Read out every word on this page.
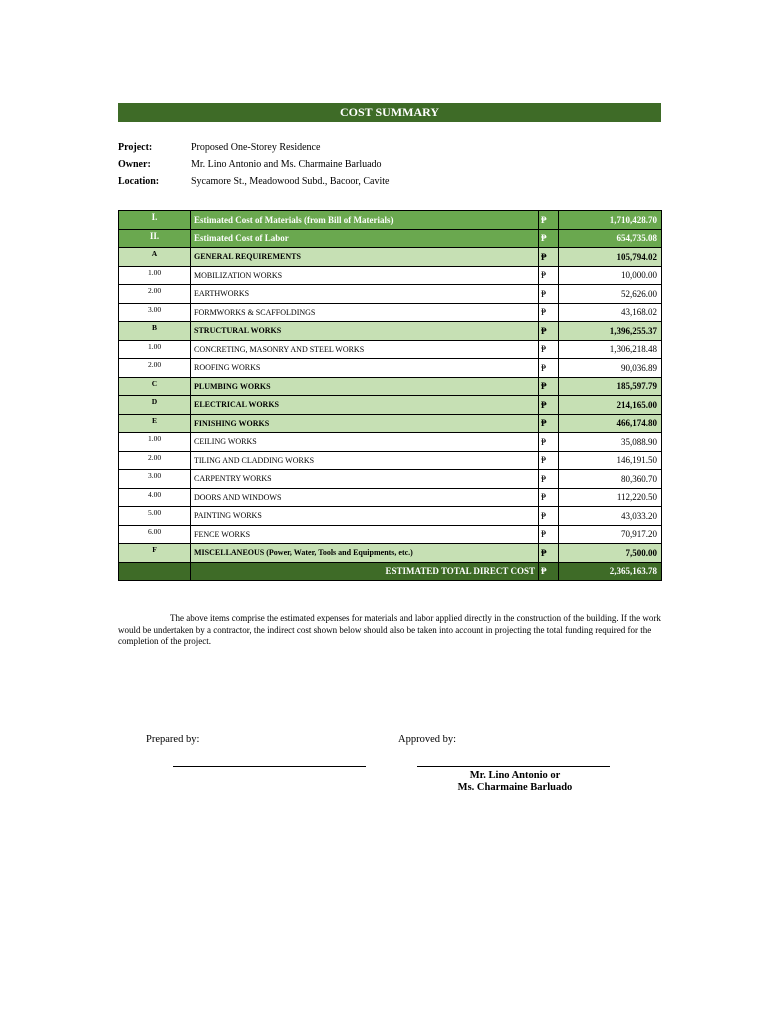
COST SUMMARY
Project:	Proposed One-Storey Residence
Owner:	Mr. Lino Antonio and Ms. Charmaine Barluado
Location:	Sycamore St., Meadowood Subd., Bacoor, Cavite
I.	Estimated Cost of Materials (from Bill of Materials)	₱	1,710,428.70
II.	Estimated Cost of Labor	₱	654,735.08
A	GENERAL REQUIREMENTS	₱	105,794.02
1.00	MOBILIZATION WORKS	₱	10,000.00
2.00	EARTHWORKS	₱	52,626.00
3.00	FORMWORKS & SCAFFOLDINGS	₱	43,168.02
B	STRUCTURAL WORKS	₱	1,396,255.37
1.00	CONCRETING, MASONRY AND STEEL WORKS	₱	1,306,218.48
2.00	ROOFING WORKS	₱	90,036.89
C	PLUMBING WORKS	₱	185,597.79
D	ELECTRICAL WORKS	₱	214,165.00
E	FINISHING WORKS	₱	466,174.80
1.00	CEILING WORKS	₱	35,088.90
2.00	TILING AND CLADDING WORKS	₱	146,191.50
3.00	CARPENTRY WORKS	₱	80,360.70
4.00	DOORS AND WINDOWS	₱	112,220.50
5.00	PAINTING WORKS	₱	43,033.20
6.00	FENCE WORKS	₱	70,917.20
F	MISCELLANEOUS (Power, Water, Tools and Equipments, etc.)	₱	7,500.00
	ESTIMATED TOTAL DIRECT COST	₱	2,365,163.78
The above items comprise the estimated expenses for materials and labor applied directly in the construction of the building. If the work would be undertaken by a contractor, the indirect cost shown below should also be taken into account in projecting the total funding required for the completion of the project.
Prepared by:	Approved by:
Mr. Lino Antonio or
Ms. Charmaine Barluado
